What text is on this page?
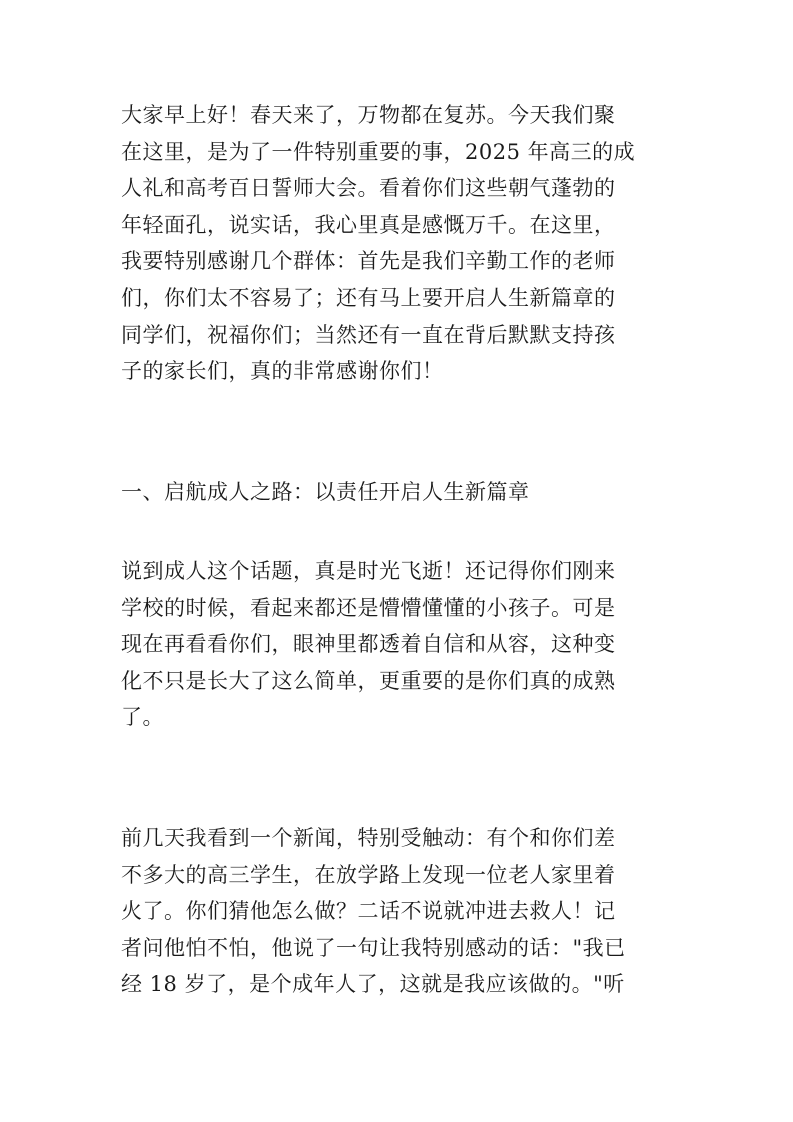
大家早上好！春天来了，万物都在复苏。今天我们聚
在这里，是为了一件特别重要的事，2025 年高三的成
人礼和高考百日誓师大会。看着你们这些朝气蓬勃的
年轻面孔，说实话，我心里真是感慨万千。在这里，
我要特别感谢几个群体：首先是我们辛勤工作的老师
们，你们太不容易了；还有马上要开启人生新篇章的
同学们，祝福你们；当然还有一直在背后默默支持孩
子的家长们，真的非常感谢你们！
一、启航成人之路：以责任开启人生新篇章
说到成人这个话题，真是时光飞逝！还记得你们刚来
学校的时候，看起来都还是懵懵懂懂的小孩子。可是
现在再看看你们，眼神里都透着自信和从容，这种变
化不只是长大了这么简单，更重要的是你们真的成熟
了。
前几天我看到一个新闻，特别受触动：有个和你们差
不多大的高三学生，在放学路上发现一位老人家里着
火了。你们猜他怎么做？二话不说就冲进去救人！记
者问他怕不怕，他说了一句让我特别感动的话："我已
经 18 岁了，是个成年人了，这就是我应该做的。"听
